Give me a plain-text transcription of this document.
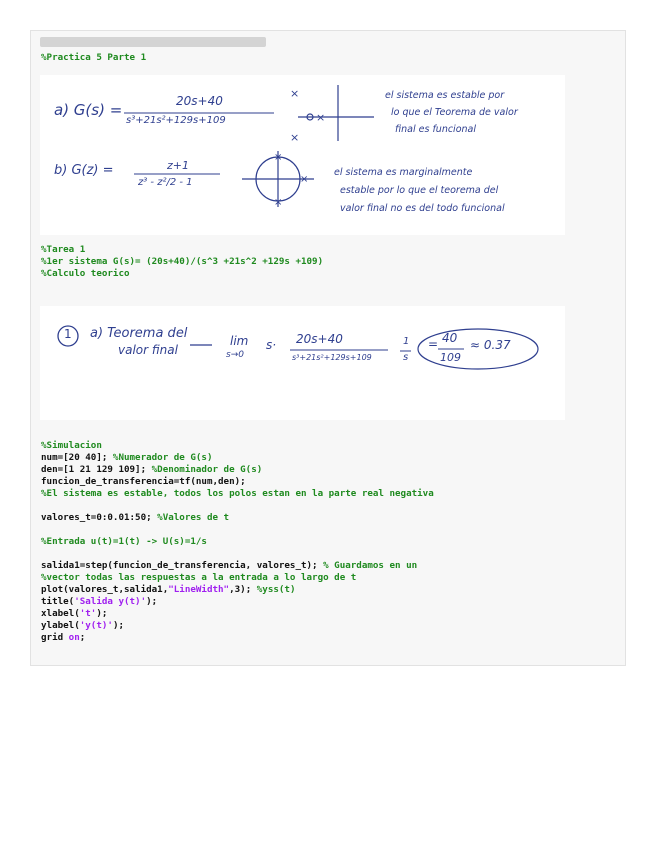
%Practica 5 Parte 1
a) G(s) =	20s+40
s³+21s²+129s+109
×
×
×
el sistema es estable por
lo que el Teorema de valor
final es funcional
b) G(z) =	z+1
z³ - z²/2 - 1
×
×
×
el sistema es marginalmente
estable por lo que el teorema del
valor final no es del todo funcional
%Tarea 1
%1er sistema G(s)= (20s+40)/(s^3 +21s^2 +129s +109)
%Calculo teorico
1 a) Teorema del
valor final
lim
s→0
s· 20s+40
s³+21s²+129s+109
1
s
= 40
109
≈ 0.37
%Simulacion
num=[20 40]; %Numerador de G(s)
den=[1 21 129 109]; %Denominador de G(s)
funcion_de_transferencia=tf(num,den);
%El sistema es estable, todos los polos estan en la parte real negativa
valores_t=0:0.01:50; %Valores de t
%Entrada u(t)=1(t) -> U(s)=1/s
salida1=step(funcion_de_transferencia, valores_t); % Guardamos en un
%vector todas las respuestas a la entrada a lo largo de t
plot(valores_t,salida1,"LineWidth",3); %yss(t)
title('Salida y(t)');
xlabel('t');
ylabel('y(t)');
grid on;
